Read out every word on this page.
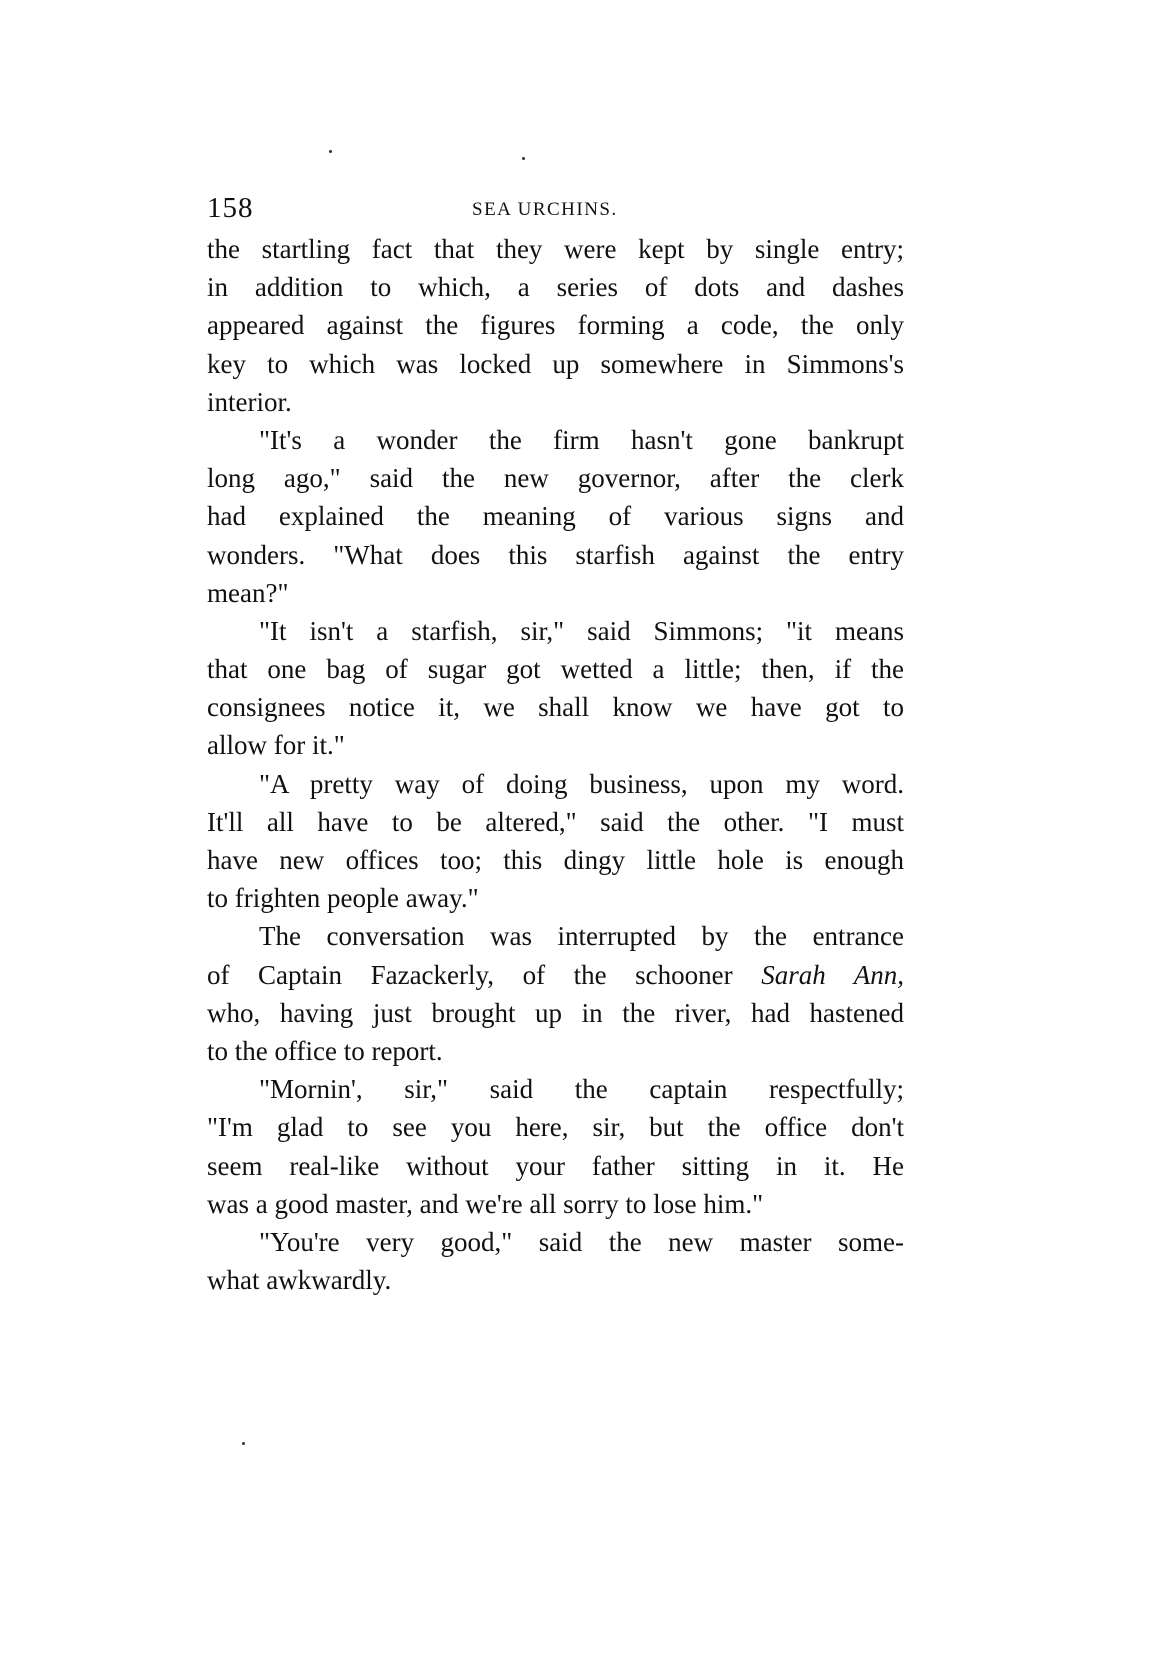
158	SEA URCHINS.
the startling fact that they were kept by single entry;
in addition to which, a series of dots and dashes
appeared against the figures forming a code, the only
key to which was locked up somewhere in Simmons's
interior.
"It's a wonder the firm hasn't gone bankrupt
long ago," said the new governor, after the clerk
had explained the meaning of various signs and
wonders. "What does this starfish against the entry
mean?"
"It isn't a starfish, sir," said Simmons; "it means
that one bag of sugar got wetted a little; then, if the
consignees notice it, we shall know we have got to
allow for it."
"A pretty way of doing business, upon my word.
It'll all have to be altered," said the other. "I must
have new offices too; this dingy little hole is enough
to frighten people away."
The conversation was interrupted by the entrance
of Captain Fazackerly, of the schooner Sarah Ann,
who, having just brought up in the river, had hastened
to the office to report.
"Mornin', sir," said the captain respectfully;
"I'm glad to see you here, sir, but the office don't
seem real-like without your father sitting in it. He
was a good master, and we're all sorry to lose him."
"You're very good," said the new master some-
what awkwardly.
